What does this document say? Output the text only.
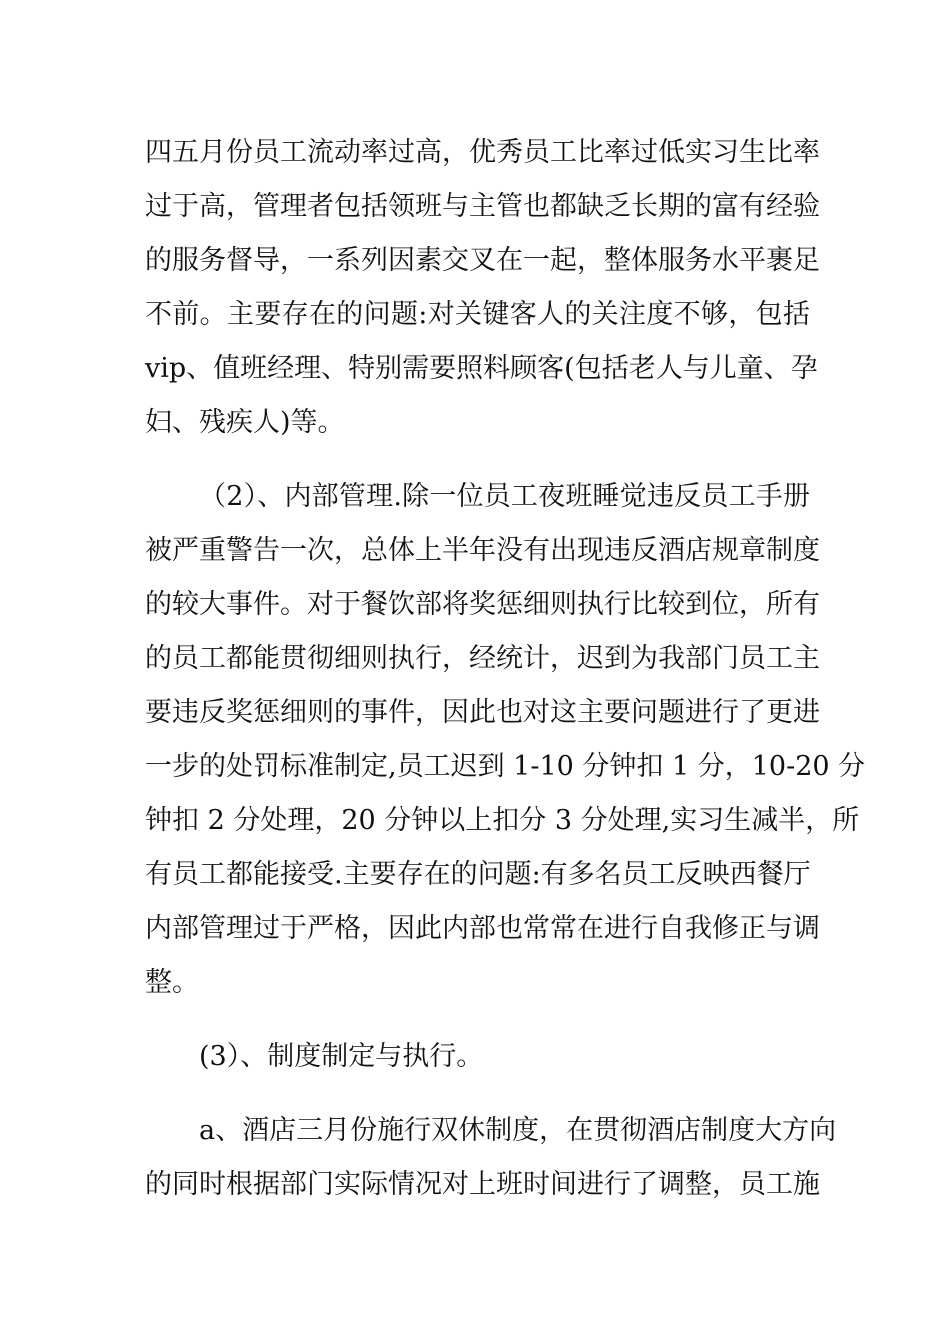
四五月份员工流动率过高，优秀员工比率过低实习生比率
过于高，管理者包括领班与主管也都缺乏长期的富有经验
的服务督导，一系列因素交叉在一起，整体服务水平裹足
不前。主要存在的问题:对关键客人的关注度不够，包括
vip、值班经理、特别需要照料顾客(包括老人与儿童、孕
妇、残疾人)等。
（2）、内部管理.除一位员工夜班睡觉违反员工手册
被严重警告一次，总体上半年没有出现违反酒店规章制度
的较大事件。对于餐饮部将奖惩细则执行比较到位，所有
的员工都能贯彻细则执行，经统计，迟到为我部门员工主
要违反奖惩细则的事件，因此也对这主要问题进行了更进
一步的处罚标准制定,员工迟到 1-10 分钟扣 1 分，10-20 分
钟扣 2 分处理，20 分钟以上扣分 3 分处理,实习生减半，所
有员工都能接受.主要存在的问题:有多名员工反映西餐厅
内部管理过于严格，因此内部也常常在进行自我修正与调
整。
(3）、制度制定与执行。
a、酒店三月份施行双休制度，在贯彻酒店制度大方向
的同时根据部门实际情况对上班时间进行了调整，员工施
